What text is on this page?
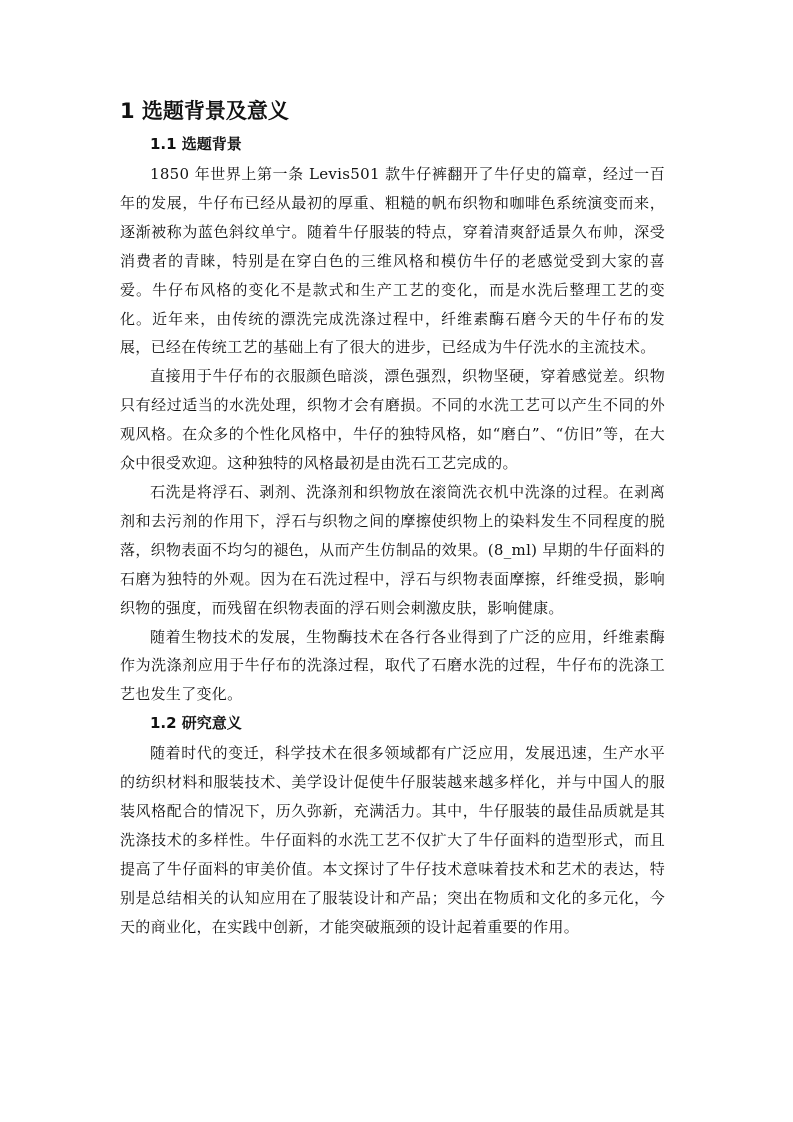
1 选题背景及意义
1.1 选题背景

1850 年世界上第一条 Levis501 款牛仔裤翻开了牛仔史的篇章，经过一百年的发展，牛仔布已经从最初的厚重、粗糙的帆布织物和咖啡色系统演变而来，逐渐被称为蓝色斜纹单宁。随着牛仔服装的特点，穿着清爽舒适景久布帅，深受消费者的青睐，特别是在穿白色的三维风格和模仿牛仔的老感觉受到大家的喜爱。牛仔布风格的变化不是款式和生产工艺的变化，而是水洗后整理工艺的变化。近年来，由传统的漂洗完成洗涤过程中，纤维素酶石磨今天的牛仔布的发展，已经在传统工艺的基础上有了很大的进步，已经成为牛仔洗水的主流技术。

直接用于牛仔布的衣服颜色暗淡，漂色强烈，织物坚硬，穿着感觉差。织物只有经过适当的水洗处理，织物才会有磨损。不同的水洗工艺可以产生不同的外观风格。在众多的个性化风格中，牛仔的独特风格，如“磨白”、“仿旧”等，在大众中很受欢迎。这种独特的风格最初是由洗石工艺完成的。

石洗是将浮石、剥剂、洗涤剂和织物放在滚筒洗衣机中洗涤的过程。在剥离剂和去污剂的作用下，浮石与织物之间的摩擦使织物上的染料发生不同程度的脱落，织物表面不均匀的褪色，从而产生仿制品的效果。(8_ml) 早期的牛仔面料的石磨为独特的外观。因为在石洗过程中，浮石与织物表面摩擦，纤维受损，影响织物的强度，而残留在织物表面的浮石则会刺激皮肤，影响健康。

随着生物技术的发展，生物酶技术在各行各业得到了广泛的应用，纤维素酶作为洗涤剂应用于牛仔布的洗涤过程，取代了石磨水洗的过程，牛仔布的洗涤工艺也发生了变化。

1.2 研究意义

随着时代的变迁，科学技术在很多领域都有广泛应用，发展迅速，生产水平的纺织材料和服装技术、美学设计促使牛仔服装越来越多样化，并与中国人的服装风格配合的情况下，历久弥新，充满活力。其中，牛仔服装的最佳品质就是其洗涤技术的多样性。牛仔面料的水洗工艺不仅扩大了牛仔面料的造型形式，而且提高了牛仔面料的审美价值。本文探讨了牛仔技术意味着技术和艺术的表达，特别是总结相关的认知应用在了服装设计和产品；突出在物质和文化的多元化，今天的商业化，在实践中创新，才能突破瓶颈的设计起着重要的作用。
